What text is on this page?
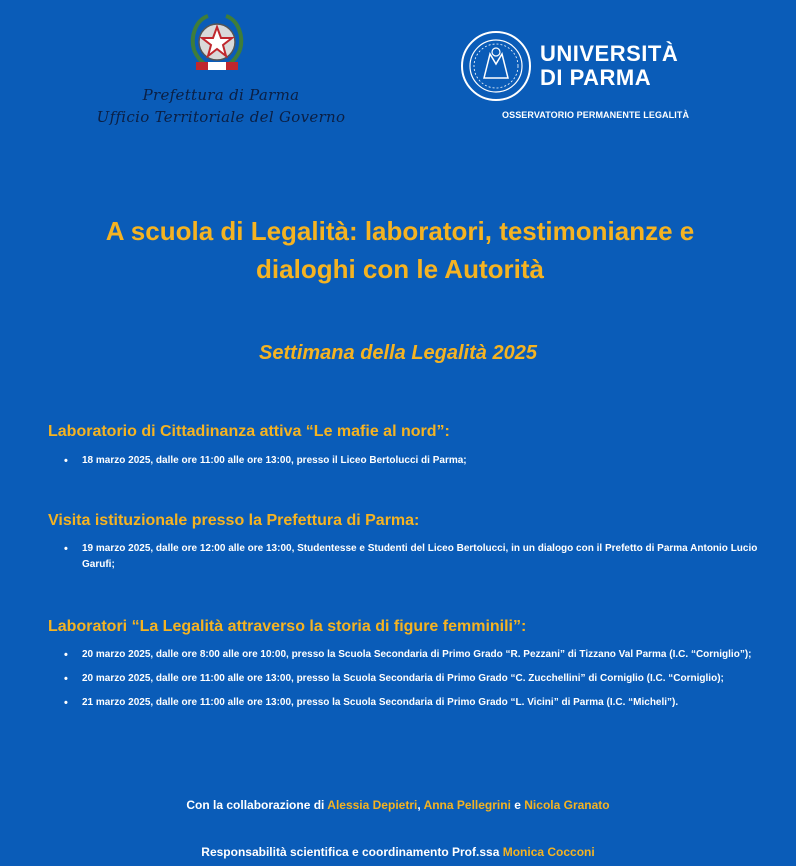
Prefettura di Parma
Ufficio Territoriale del Governo
UNIVERSITÀ
DI PARMA
OSSERVATORIO PERMANENTE LEGALITÀ
A scuola di Legalità: laboratori, testimonianze e
dialoghi con le Autorità
Settimana della Legalità 2025
Laboratorio di Cittadinanza attiva “Le mafie al nord”:
• 18 marzo 2025, dalle ore 11:00 alle ore 13:00, presso il Liceo Bertolucci di Parma;
Visita istituzionale presso la Prefettura di Parma:
• 19 marzo 2025, dalle ore 12:00 alle ore 13:00, Studentesse e Studenti del Liceo Bertolucci, in un dialogo con il Prefetto di Parma Antonio Lucio Garufi;
Laboratori “La Legalità attraverso la storia di figure femminili”:
• 20 marzo 2025, dalle ore 8:00 alle ore 10:00, presso la Scuola Secondaria di Primo Grado “R. Pezzani” di Tizzano Val Parma (I.C. “Corniglio”);
• 20 marzo 2025, dalle ore 11:00 alle ore 13:00, presso la Scuola Secondaria di Primo Grado “C. Zucchellini” di Corniglio (I.C. “Corniglio);
• 21 marzo 2025, dalle ore 11:00 alle ore 13:00, presso la Scuola Secondaria di Primo Grado “L. Vicini” di Parma (I.C. “Micheli”).
Con la collaborazione di Alessia Depietri, Anna Pellegrini e Nicola Granato
Responsabilità scientifica e coordinamento Prof.ssa Monica Cocconi
